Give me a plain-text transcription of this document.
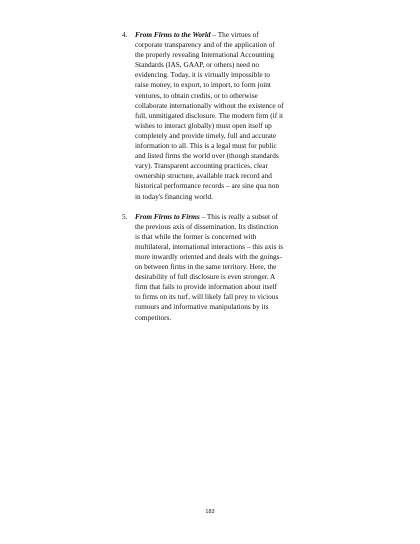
4. From Firms to the World – The virtues of
corporate transparency and of the application of
the properly revealing International Accounting
Standards (IAS, GAAP, or others) need no
evidencing. Today, it is virtually impossible to
raise money, to export, to import, to form joint
ventures, to obtain credits, or to otherwise
collaborate internationally without the existence of
full, unmitigated disclosure. The modern firm (if it
wishes to interact globally) must open itself up
completely and provide timely, full and accurate
information to all. This is a legal must for public
and listed firms the world over (though standards
vary). Transparent accounting practices, clear
ownership structure, available track record and
historical performance records – are sine qua non
in today's financing world.
5. From Firms to Firms – This is really a subset of
the previous axis of dissemination. Its distinction
is that while the former is concerned with
multilateral, international interactions – this axis is
more inwardly oriented and deals with the goings-
on between firms in the same territory. Here, the
desirability of full disclosure is even stronger. A
firm that fails to provide information about itself
to firms on its turf, will likely fall prey to vicious
rumours and informative manipulations by its
competitors.
183
